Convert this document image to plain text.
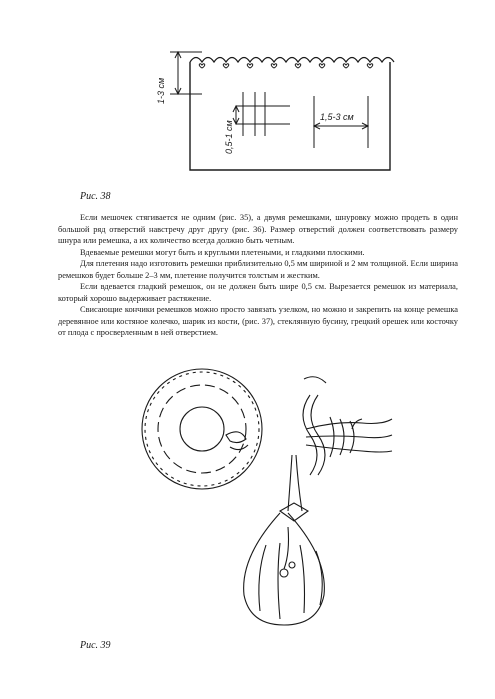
1-3 см
0,5-1 см
1,5-3 см
Рис. 38

Если мешочек стягивается не одним (рис. 35), а двумя ремешками, шнуровку можно продеть в один большой ряд отверстий навстречу друг другу (рис. 36). Размер отверстий должен соответствовать размеру шнура или ремешка, а их количество всегда должно быть четным.

Вдеваемые ремешки могут быть и круглыми плетеными, и гладкими плоскими.

Для плетения надо изготовить ремешки приблизительно 0,5 мм шириной и 2 мм толщиной. Если ширина ремешков будет больше 2–3 мм, плетение получится толстым и жестким.

Если вдевается гладкий ремешок, он не должен быть шире 0,5 см. Вырезается ремешок из материала, который хорошо выдерживает растяжение.

Свисающие кончики ремешков можно просто завязать узелком, но можно и закрепить на конце ремешка деревянное или костяное колечко, шарик из кости, (рис. 37), стеклянную бусину, грецкий орешек или косточку от плода с просверленным в ней отверстием.

Рис. 39
